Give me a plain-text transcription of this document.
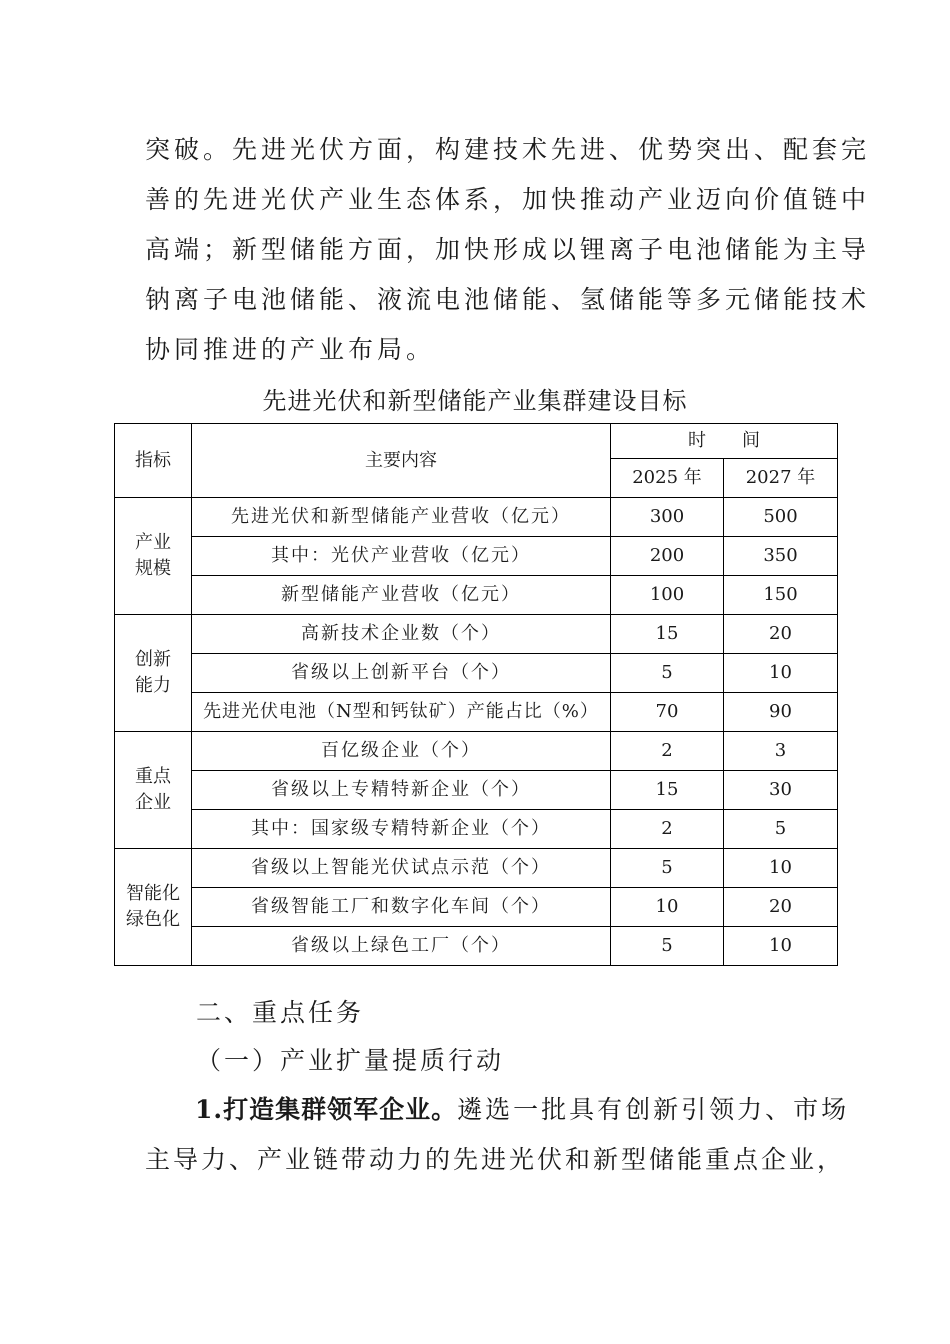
突破。先进光伏方面，构建技术先进、优势突出、配套完
善的先进光伏产业生态体系，加快推动产业迈向价值链中
高端；新型储能方面，加快形成以锂离子电池储能为主导
钠离子电池储能、液流电池储能、氢储能等多元储能技术
协同推进的产业布局。
先进光伏和新型储能产业集群建设目标
指标	主要内容	时　　间	
		2025 年	2027 年
产业规模	先进光伏和新型储能产业营收（亿元）	300	500
	其中：光伏产业营收（亿元）	200	350
	新型储能产业营收（亿元）	100	150
创新能力	高新技术企业数（个）	15	20
	省级以上创新平台（个）	5	10
	先进光伏电池（N型和钙钛矿）产能占比（%）	70	90
重点企业	百亿级企业（个）	2	3
	省级以上专精特新企业（个）	15	30
	其中：国家级专精特新企业（个）	2	5
智能化绿色化	省级以上智能光伏试点示范（个）	5	10
	省级智能工厂和数字化车间（个）	10	20
	省级以上绿色工厂（个）	5	10
二、重点任务
（一）产业扩量提质行动
1.打造集群领军企业。遴选一批具有创新引领力、市场
主导力、产业链带动力的先进光伏和新型储能重点企业，
